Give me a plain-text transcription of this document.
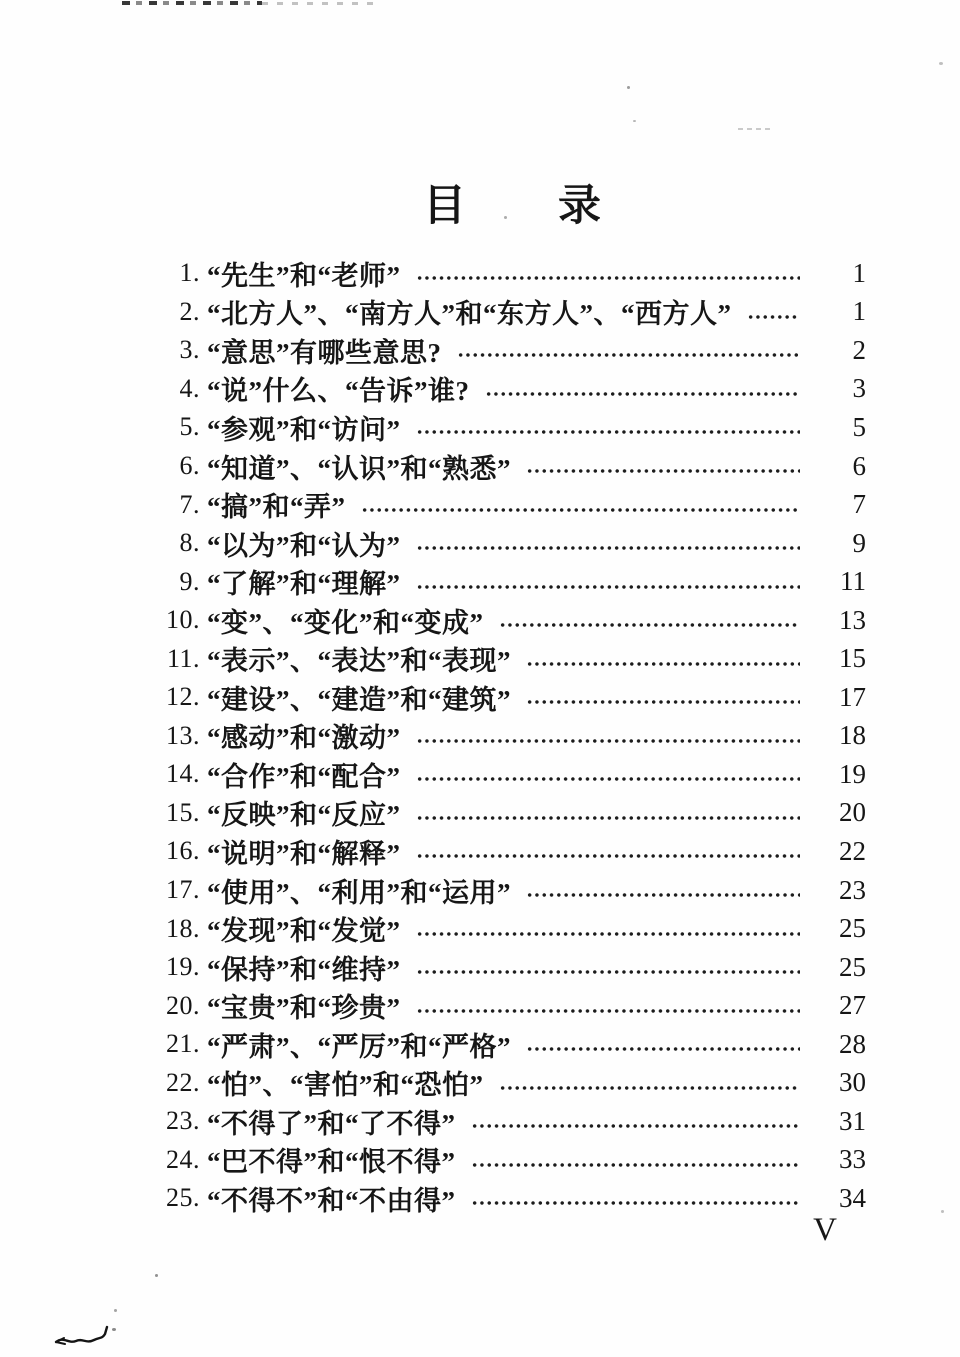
目　　录
1. “先生”和“老师”	1
2. “北方人”、“南方人”和“东方人”、“西方人”	1
3. “意思”有哪些意思?	2
4. “说”什么、“告诉”谁?	3
5. “参观”和“访问”	5
6. “知道”、“认识”和“熟悉”	6
7. “搞”和“弄”	7
8. “以为”和“认为”	9
9. “了解”和“理解”	11
10. “变”、“变化”和“变成”	13
11. “表示”、“表达”和“表现”	15
12. “建设”、“建造”和“建筑”	17
13. “感动”和“激动”	18
14. “合作”和“配合”	19
15. “反映”和“反应”	20
16. “说明”和“解释”	22
17. “使用”、“利用”和“运用”	23
18. “发现”和“发觉”	25
19. “保持”和“维持”	25
20. “宝贵”和“珍贵”	27
21. “严肃”、“严厉”和“严格”	28
22. “怕”、“害怕”和“恐怕”	30
23. “不得了”和“了不得”	31
24. “巴不得”和“恨不得”	33
25. “不得不”和“不由得”	34
V
